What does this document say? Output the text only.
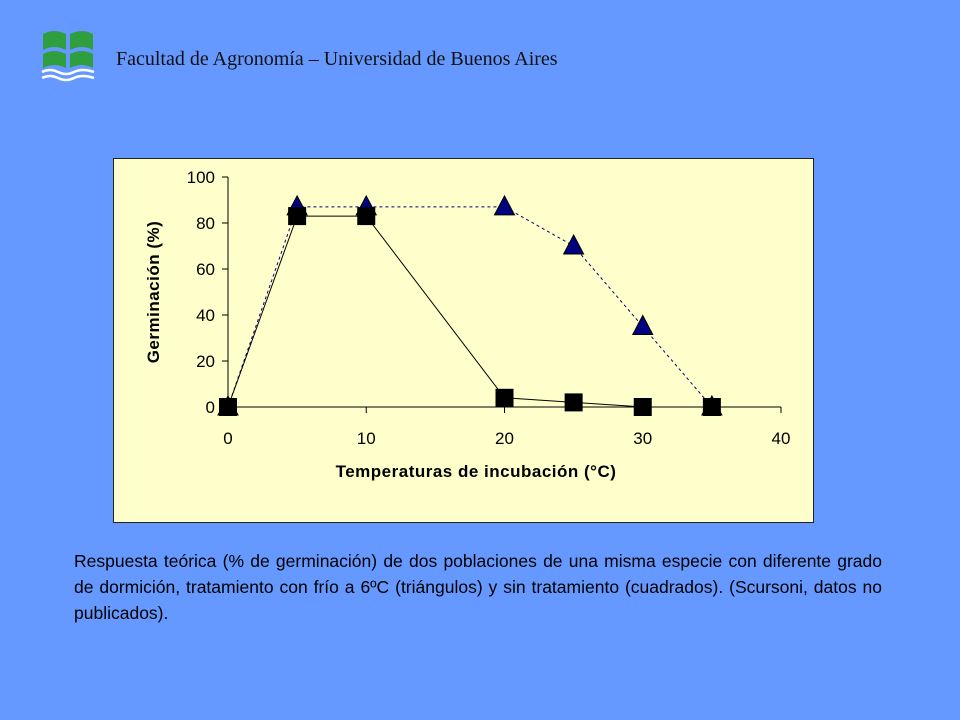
Facultad de Agronomía – Universidad de Buenos Aires
0
20
40
60
80
100
0	10	20	30	40
Germinación (%)
Temperaturas de incubación (°C)
Respuesta teórica (% de germinación) de dos poblaciones de una misma especie con diferente grado de dormición, tratamiento con frío a 6ºC (triángulos) y sin tratamiento (cuadrados). (Scursoni, datos no publicados).
